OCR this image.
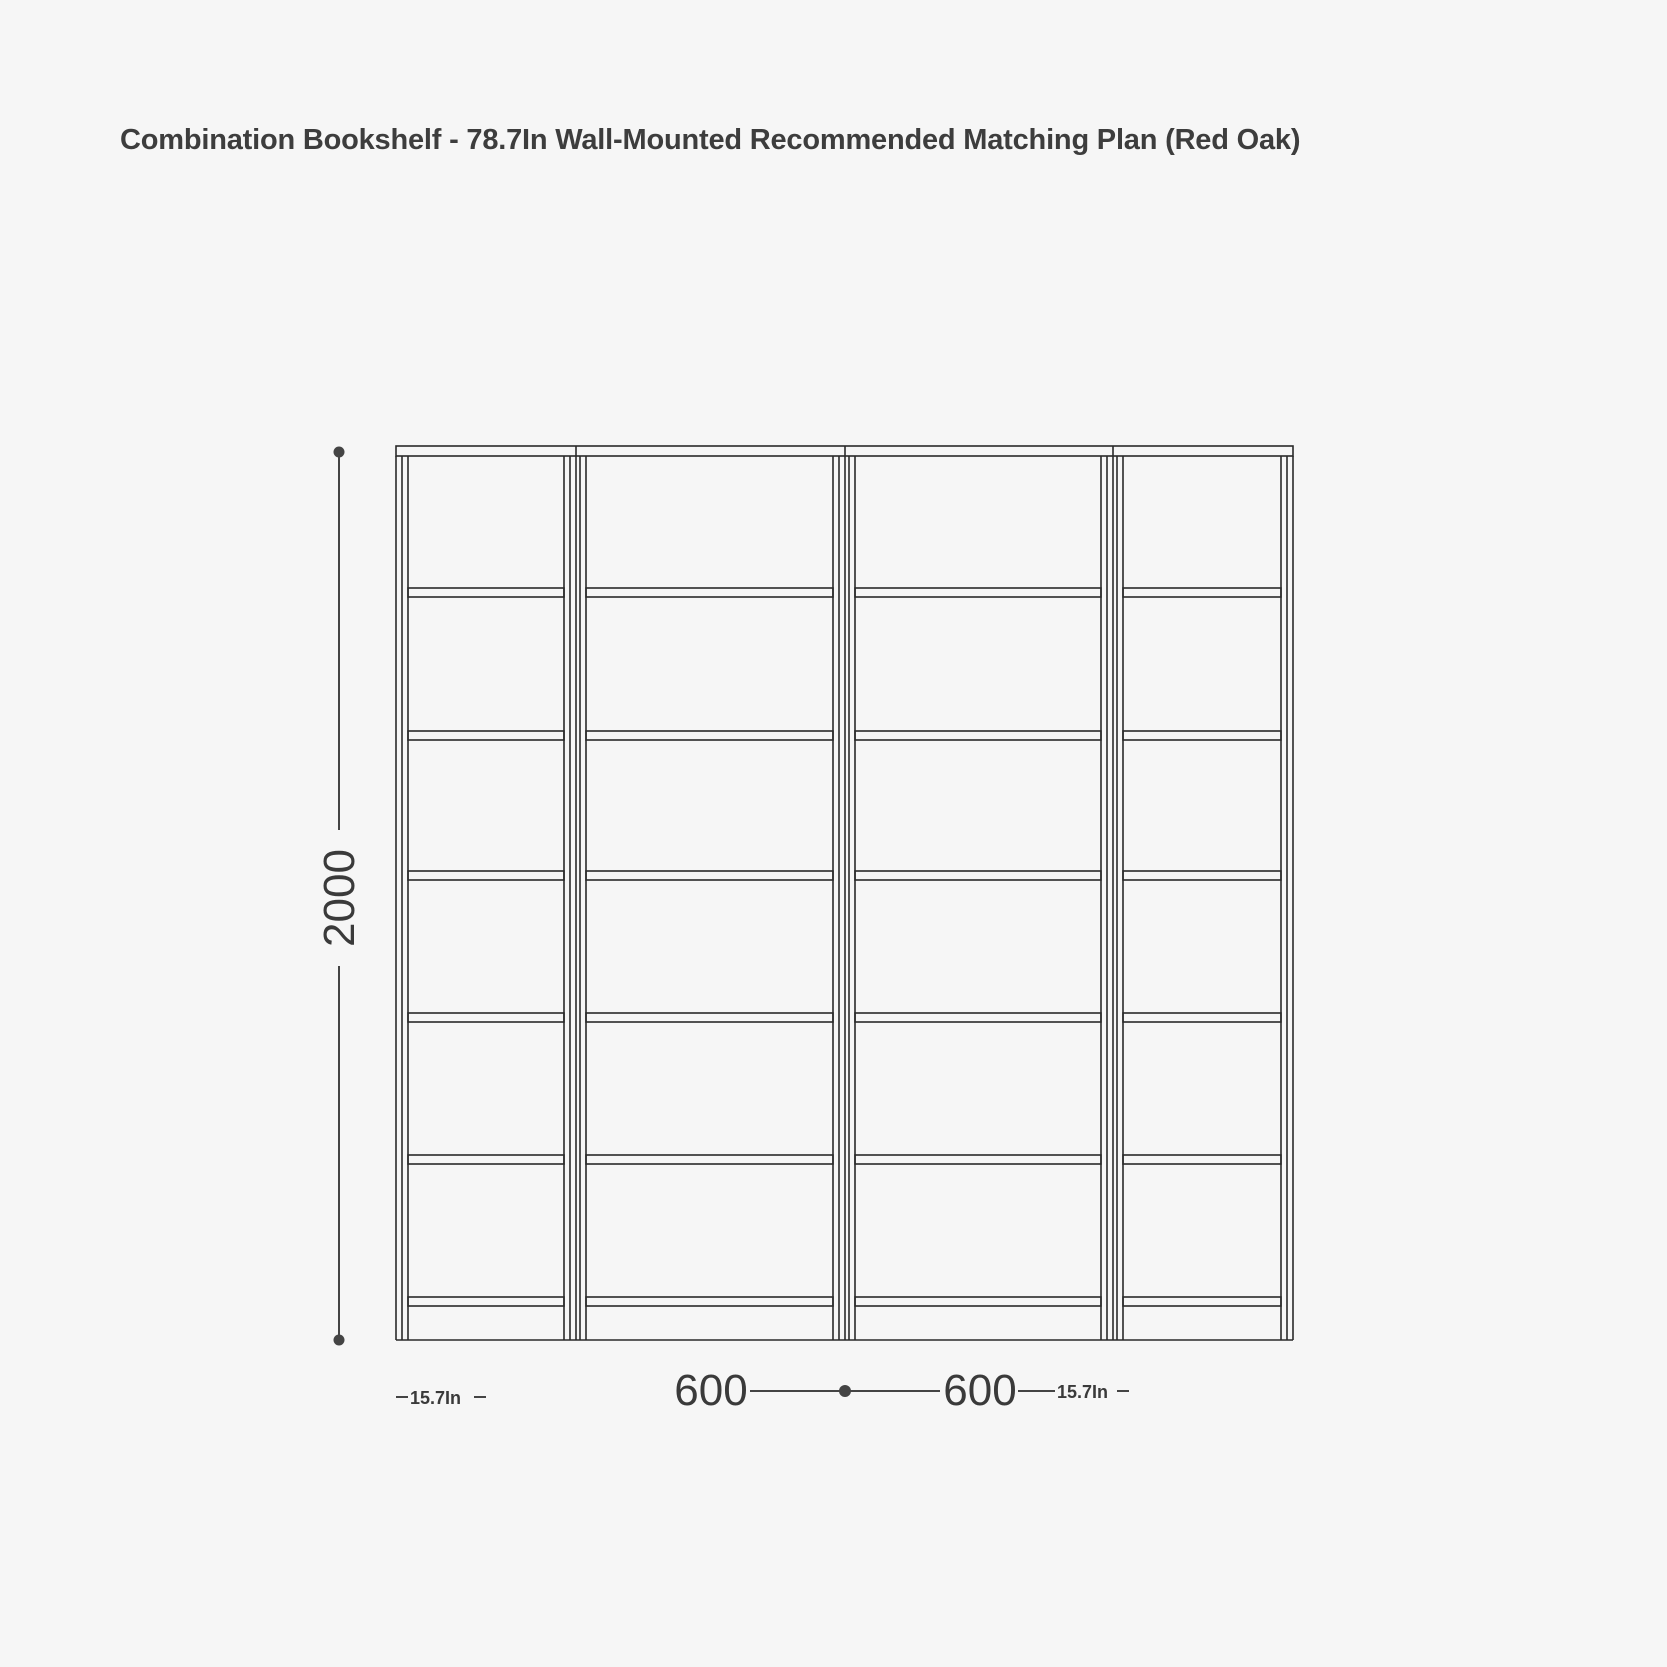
Combination Bookshelf - 78.7In Wall-Mounted Recommended Matching Plan (Red Oak)
2000
15.7In	600	600 15.7In
